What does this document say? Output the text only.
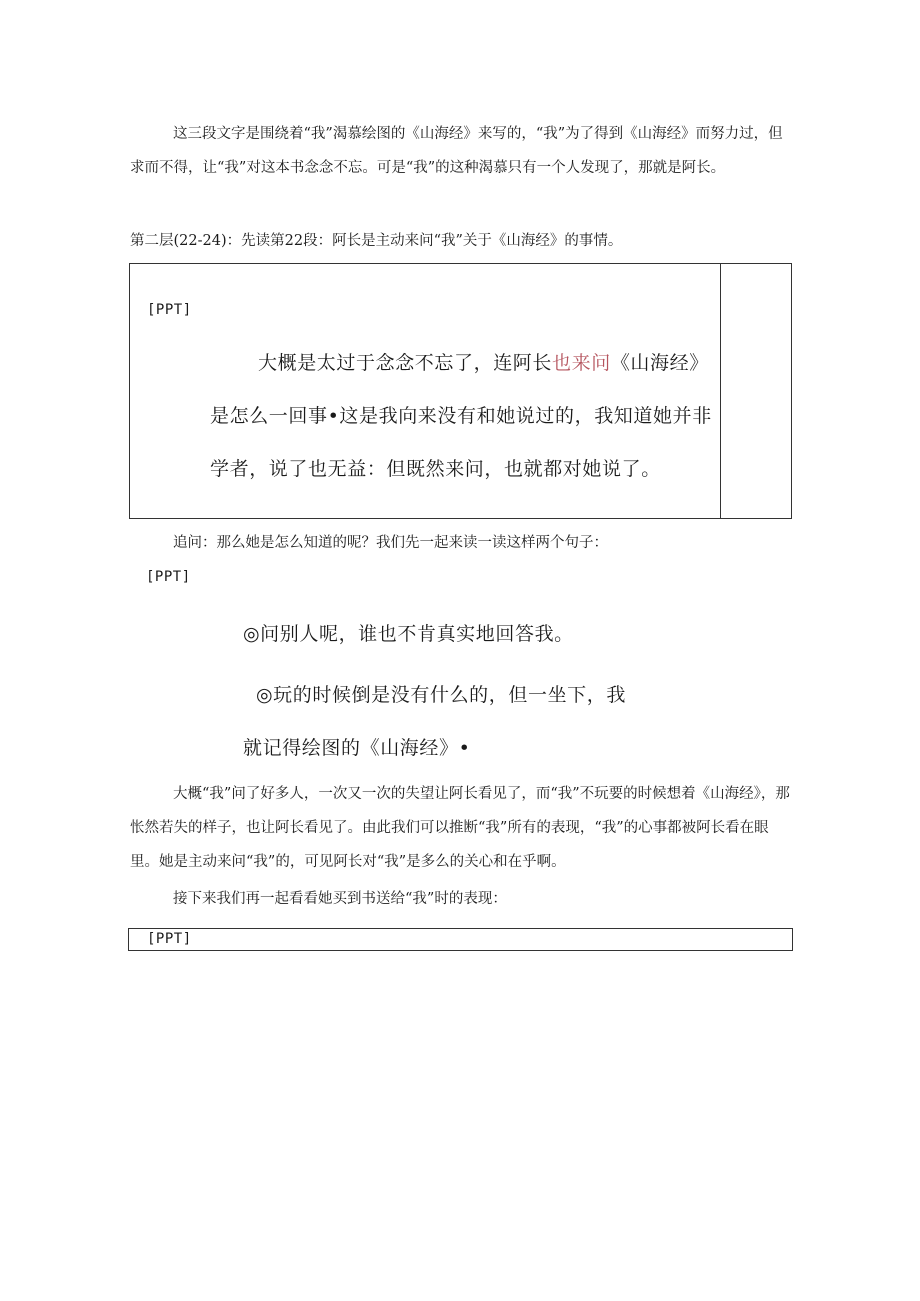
这三段文字是围绕着“我”渴慕绘图的《山海经》来写的，“我”为了得到《山海经》而努力过，但求而不得，让“我”对这本书念念不忘。可是“我”的这种渴慕只有一个人发现了，那就是阿长。

第二层(22-24)：先读第22段：阿长是主动来问“我”关于《山海经》的事情。

[PPT]
大概是太过于念念不忘了，连阿长也来问《山海经》
是怎么一回事•这是我向来没有和她说过的，我知道她并非
学者，说了也无益：但既然来问，也就都对她说了。

追问：那么她是怎么知道的呢？我们先一起来读一读这样两个句子：

[PPT]
◎问别人呢，谁也不肯真实地回答我。
◎玩的时候倒是没有什么的，但一坐下，我
就记得绘图的《山海经》•

大概“我”问了好多人，一次又一次的失望让阿长看见了，而“我”不玩要的时候想着《山海经》，那怅然若失的样子，也让阿长看见了。由此我们可以推断“我”所有的表现，“我”的心事都被阿长看在眼里。她是主动来问“我”的，可见阿长对“我”是多么的关心和在乎啊。

接下来我们再一起看看她买到书送给“我”时的表现：

[PPT]
